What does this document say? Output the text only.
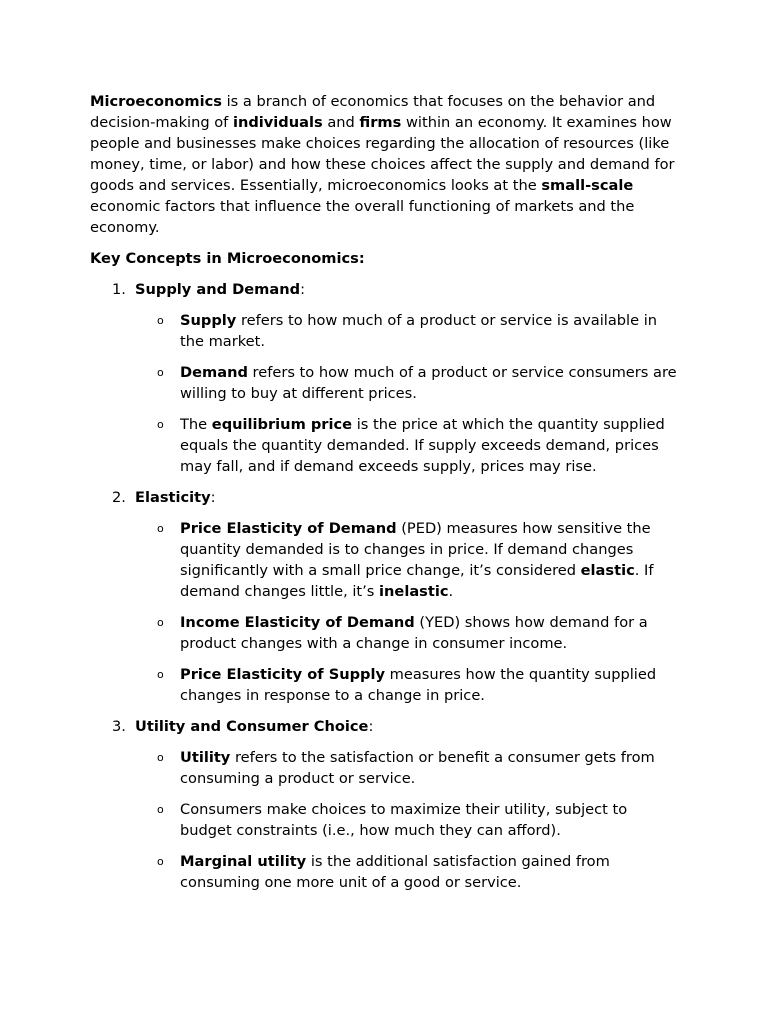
Microeconomics is a branch of economics that focuses on the behavior and decision-making of individuals and firms within an economy. It examines how people and businesses make choices regarding the allocation of resources (like money, time, or labor) and how these choices affect the supply and demand for goods and services. Essentially, microeconomics looks at the small-scale economic factors that influence the overall functioning of markets and the economy.

Key Concepts in Microeconomics:

1. Supply and Demand:

o Supply refers to how much of a product or service is available in the market.
o Demand refers to how much of a product or service consumers are willing to buy at different prices.
o The equilibrium price is the price at which the quantity supplied equals the quantity demanded. If supply exceeds demand, prices may fall, and if demand exceeds supply, prices may rise.

2. Elasticity:

o Price Elasticity of Demand (PED) measures how sensitive the quantity demanded is to changes in price. If demand changes significantly with a small price change, it’s considered elastic. If demand changes little, it’s inelastic.
o Income Elasticity of Demand (YED) shows how demand for a product changes with a change in consumer income.
o Price Elasticity of Supply measures how the quantity supplied changes in response to a change in price.

3. Utility and Consumer Choice:

o Utility refers to the satisfaction or benefit a consumer gets from consuming a product or service.
o Consumers make choices to maximize their utility, subject to budget constraints (i.e., how much they can afford).
o Marginal utility is the additional satisfaction gained from consuming one more unit of a good or service.
